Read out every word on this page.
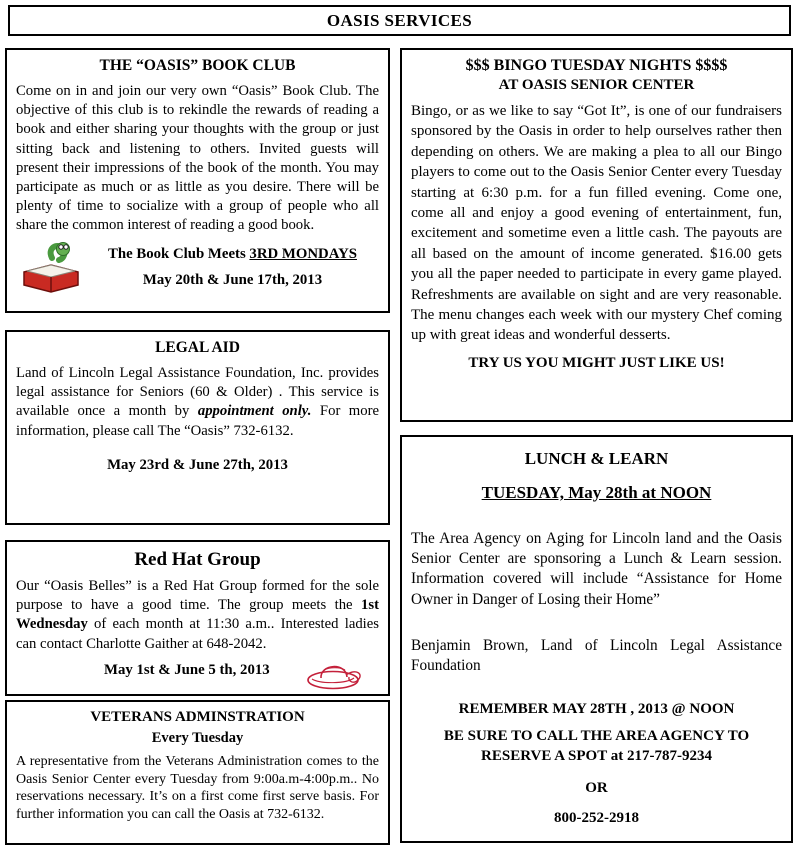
OASIS SERVICES
THE “OASIS” BOOK CLUB

Come on in and join our very own “Oasis” Book Club. The objective of this club is to rekindle the rewards of reading a book and either sharing your thoughts with the group or just sitting back and listening to others. Invited guests will present their impressions of the book of the month. You may participate as much or as little as you desire. There will be plenty of time to socialize with a group of people who all share the common interest of reading a good book.

The Book Club Meets 3RD MONDAYS
May 20th & June 17th, 2013
LEGAL AID

Land of Lincoln Legal Assistance Foundation, Inc. provides legal assistance for Seniors (60 & Older) . This service is available once a month by appointment only. For more information, please call The “Oasis” 732-6132.

May 23rd & June 27th, 2013
Red Hat Group

Our “Oasis Belles” is a Red Hat Group formed for the sole purpose to have a good time. The group meets the 1st Wednesday of each month at 11:30 a.m.. Interested ladies can contact Charlotte Gaither at 648-2042.

May 1st & June 5 th, 2013
VETERANS ADMINSTRATION
Every Tuesday

A representative from the Veterans Administration comes to the Oasis Senior Center every Tuesday from 9:00a.m-4:00p.m.. No reservations necessary. It’s on a first come first serve basis. For further information you can call the Oasis at 732-6132.

$$$ BINGO TUESDAY NIGHTS $$$$
AT OASIS SENIOR CENTER

Bingo, or as we like to say “Got It”, is one of our fundraisers sponsored by the Oasis in order to help ourselves rather then depending on others. We are making a plea to all our Bingo players to come out to the Oasis Senior Center every Tuesday starting at 6:30 p.m. for a fun filled evening. Come one, come all and enjoy a good evening of entertainment, fun, excitement and sometime even a little cash. The payouts are all based on the amount of income generated. $16.00 gets you all the paper needed to participate in every game played. Refreshments are available on sight and are very reasonable. The menu changes each week with our mystery Chef coming up with great ideas and wonderful desserts.

TRY US YOU MIGHT JUST LIKE US!
LUNCH & LEARN
TUESDAY, May 28th at NOON

The Area Agency on Aging for Lincoln land and the Oasis Senior Center are sponsoring a Lunch & Learn session. Information covered will include “Assistance for Home Owner in Danger of Losing their Home”

Benjamin Brown, Land of Lincoln Legal Assistance Foundation

REMEMBER MAY 28TH , 2013 @ NOON
BE SURE TO CALL THE AREA AGENCY TO RESERVE A SPOT at 217-787-9234
OR
800-252-2918
